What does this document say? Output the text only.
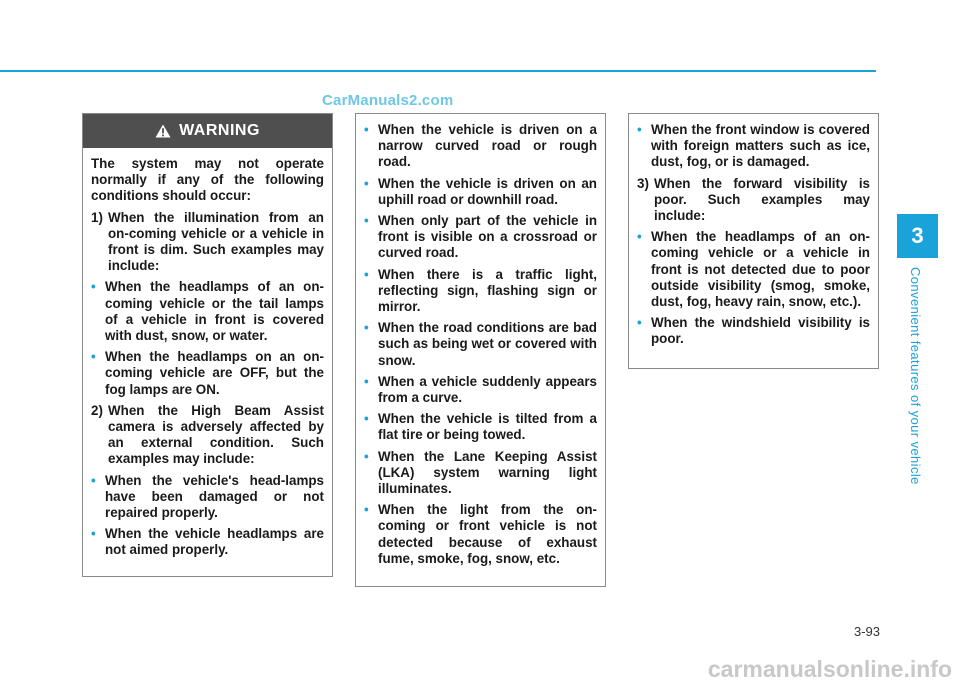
CarManuals2.com
3
Convenient features of your vehicle
WARNING

The system may not operate normally if any of the following conditions should occur:

1) When the illumination from an on-coming vehicle or a vehicle in front is dim. Such examples may include:

• When the headlamps of an on-coming vehicle or the tail lamps of a vehicle in front is covered with dust, snow, or water.

• When the headlamps on an on-coming vehicle are OFF, but the fog lamps are ON.

2) When the High Beam Assist camera is adversely affected by an external condition. Such examples may include:

• When the vehicle's head-lamps have been damaged or not repaired properly.

• When the vehicle headlamps are not aimed properly.

• When the vehicle is driven on a narrow curved road or rough road.

• When the vehicle is driven on an uphill road or downhill road.

• When only part of the vehicle in front is visible on a crossroad or curved road.

• When there is a traffic light, reflecting sign, flashing sign or mirror.

• When the road conditions are bad such as being wet or covered with snow.

• When a vehicle suddenly appears from a curve.

• When the vehicle is tilted from a flat tire or being towed.

• When the Lane Keeping Assist (LKA) system warning light illuminates.

• When the light from the on-coming or front vehicle is not detected because of exhaust fume, smoke, fog, snow, etc.

• When the front window is covered with foreign matters such as ice, dust, fog, or is damaged.

3) When the forward visibility is poor. Such examples may include:

• When the headlamps of an on-coming vehicle or a vehicle in front is not detected due to poor outside visibility (smog, smoke, dust, fog, heavy rain, snow, etc.).

• When the windshield visibility is poor.

3-93
carmanualsonline.info
